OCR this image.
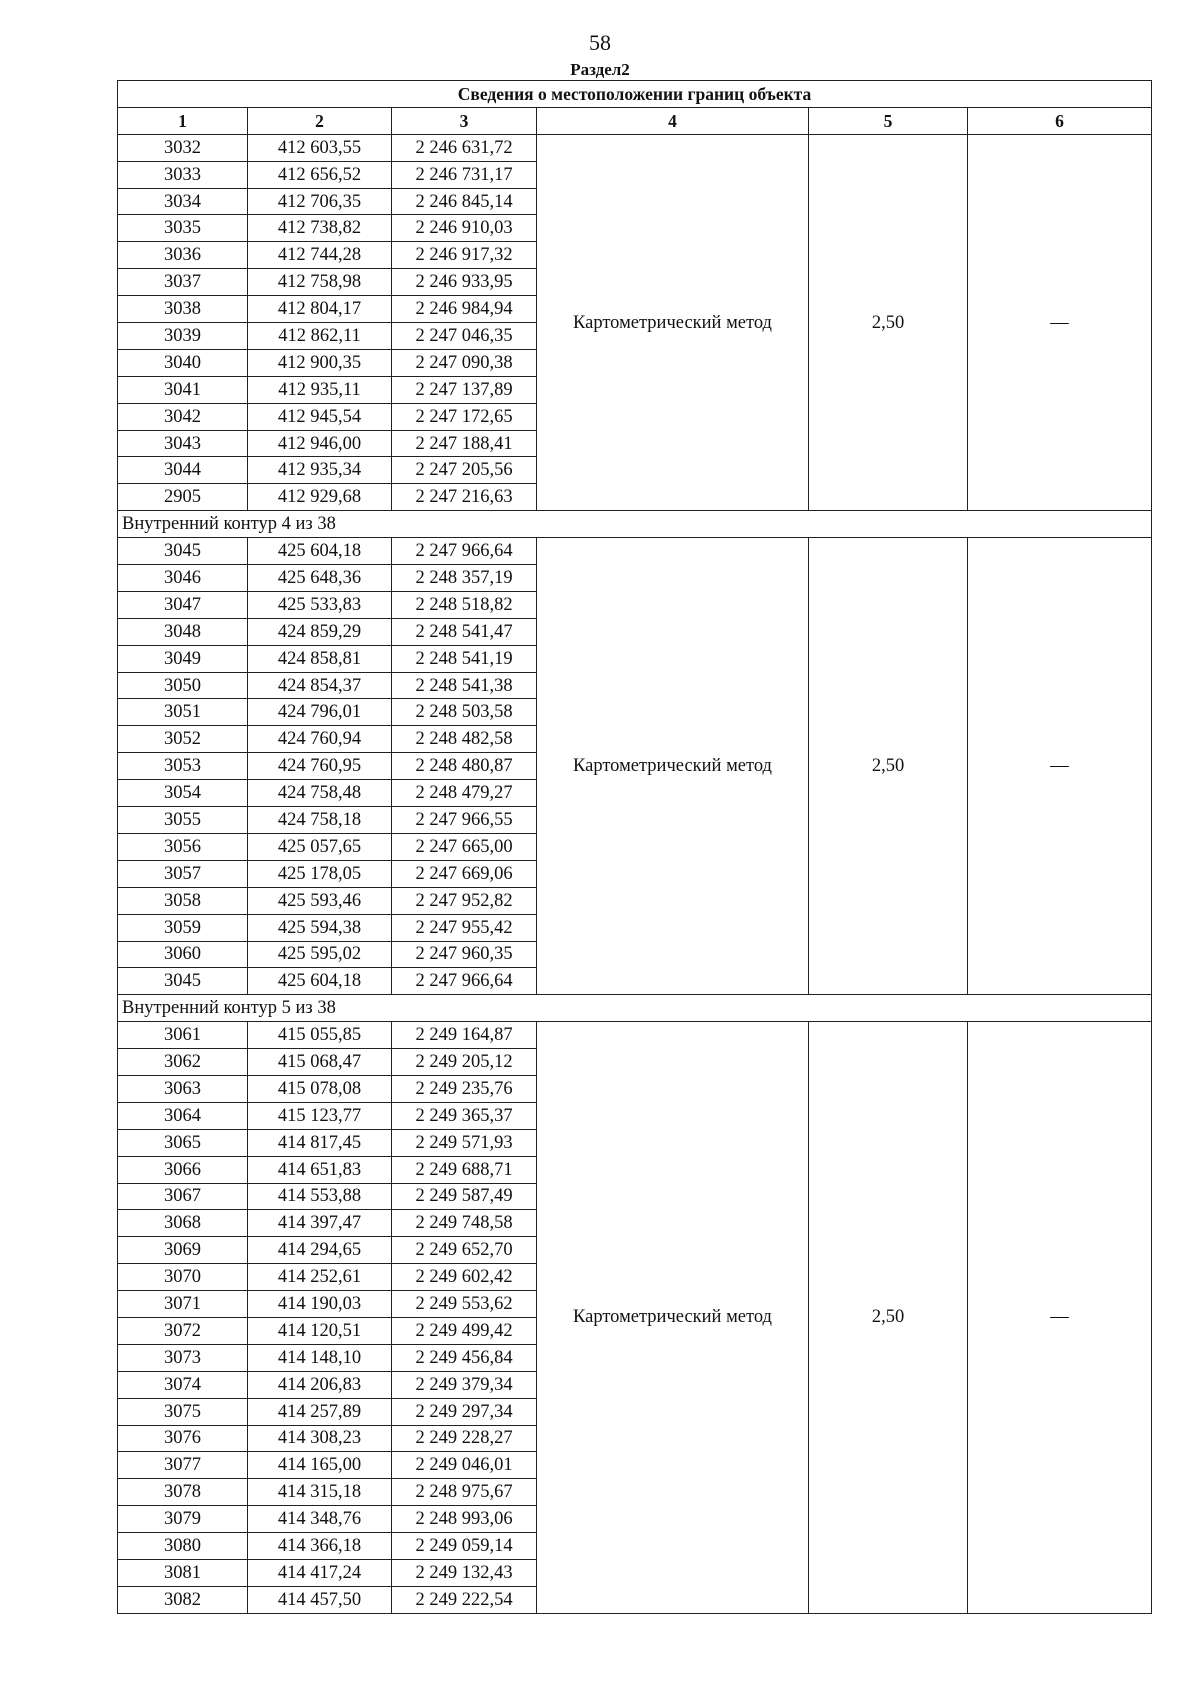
58
Раздел2
Сведения о местоположении границ объекта					
1	2	3	4	5	6
3032	412 603,55	2 246 631,72	Картометрический метод	2,50	—
3033	412 656,52	2 246 731,17			
3034	412 706,35	2 246 845,14			
3035	412 738,82	2 246 910,03			
3036	412 744,28	2 246 917,32			
3037	412 758,98	2 246 933,95			
3038	412 804,17	2 246 984,94			
3039	412 862,11	2 247 046,35			
3040	412 900,35	2 247 090,38			
3041	412 935,11	2 247 137,89			
3042	412 945,54	2 247 172,65			
3043	412 946,00	2 247 188,41			
3044	412 935,34	2 247 205,56			
2905	412 929,68	2 247 216,63			
Внутренний контур 4 из 38					
3045	425 604,18	2 247 966,64	Картометрический метод	2,50	—
3046	425 648,36	2 248 357,19			
3047	425 533,83	2 248 518,82			
3048	424 859,29	2 248 541,47			
3049	424 858,81	2 248 541,19			
3050	424 854,37	2 248 541,38			
3051	424 796,01	2 248 503,58			
3052	424 760,94	2 248 482,58			
3053	424 760,95	2 248 480,87			
3054	424 758,48	2 248 479,27			
3055	424 758,18	2 247 966,55			
3056	425 057,65	2 247 665,00			
3057	425 178,05	2 247 669,06			
3058	425 593,46	2 247 952,82			
3059	425 594,38	2 247 955,42			
3060	425 595,02	2 247 960,35			
3045	425 604,18	2 247 966,64			
Внутренний контур 5 из 38					
3061	415 055,85	2 249 164,87	Картометрический метод	2,50	—
3062	415 068,47	2 249 205,12			
3063	415 078,08	2 249 235,76			
3064	415 123,77	2 249 365,37			
3065	414 817,45	2 249 571,93			
3066	414 651,83	2 249 688,71			
3067	414 553,88	2 249 587,49			
3068	414 397,47	2 249 748,58			
3069	414 294,65	2 249 652,70			
3070	414 252,61	2 249 602,42			
3071	414 190,03	2 249 553,62			
3072	414 120,51	2 249 499,42			
3073	414 148,10	2 249 456,84			
3074	414 206,83	2 249 379,34			
3075	414 257,89	2 249 297,34			
3076	414 308,23	2 249 228,27			
3077	414 165,00	2 249 046,01			
3078	414 315,18	2 248 975,67			
3079	414 348,76	2 248 993,06			
3080	414 366,18	2 249 059,14			
3081	414 417,24	2 249 132,43			
3082	414 457,50	2 249 222,54			
